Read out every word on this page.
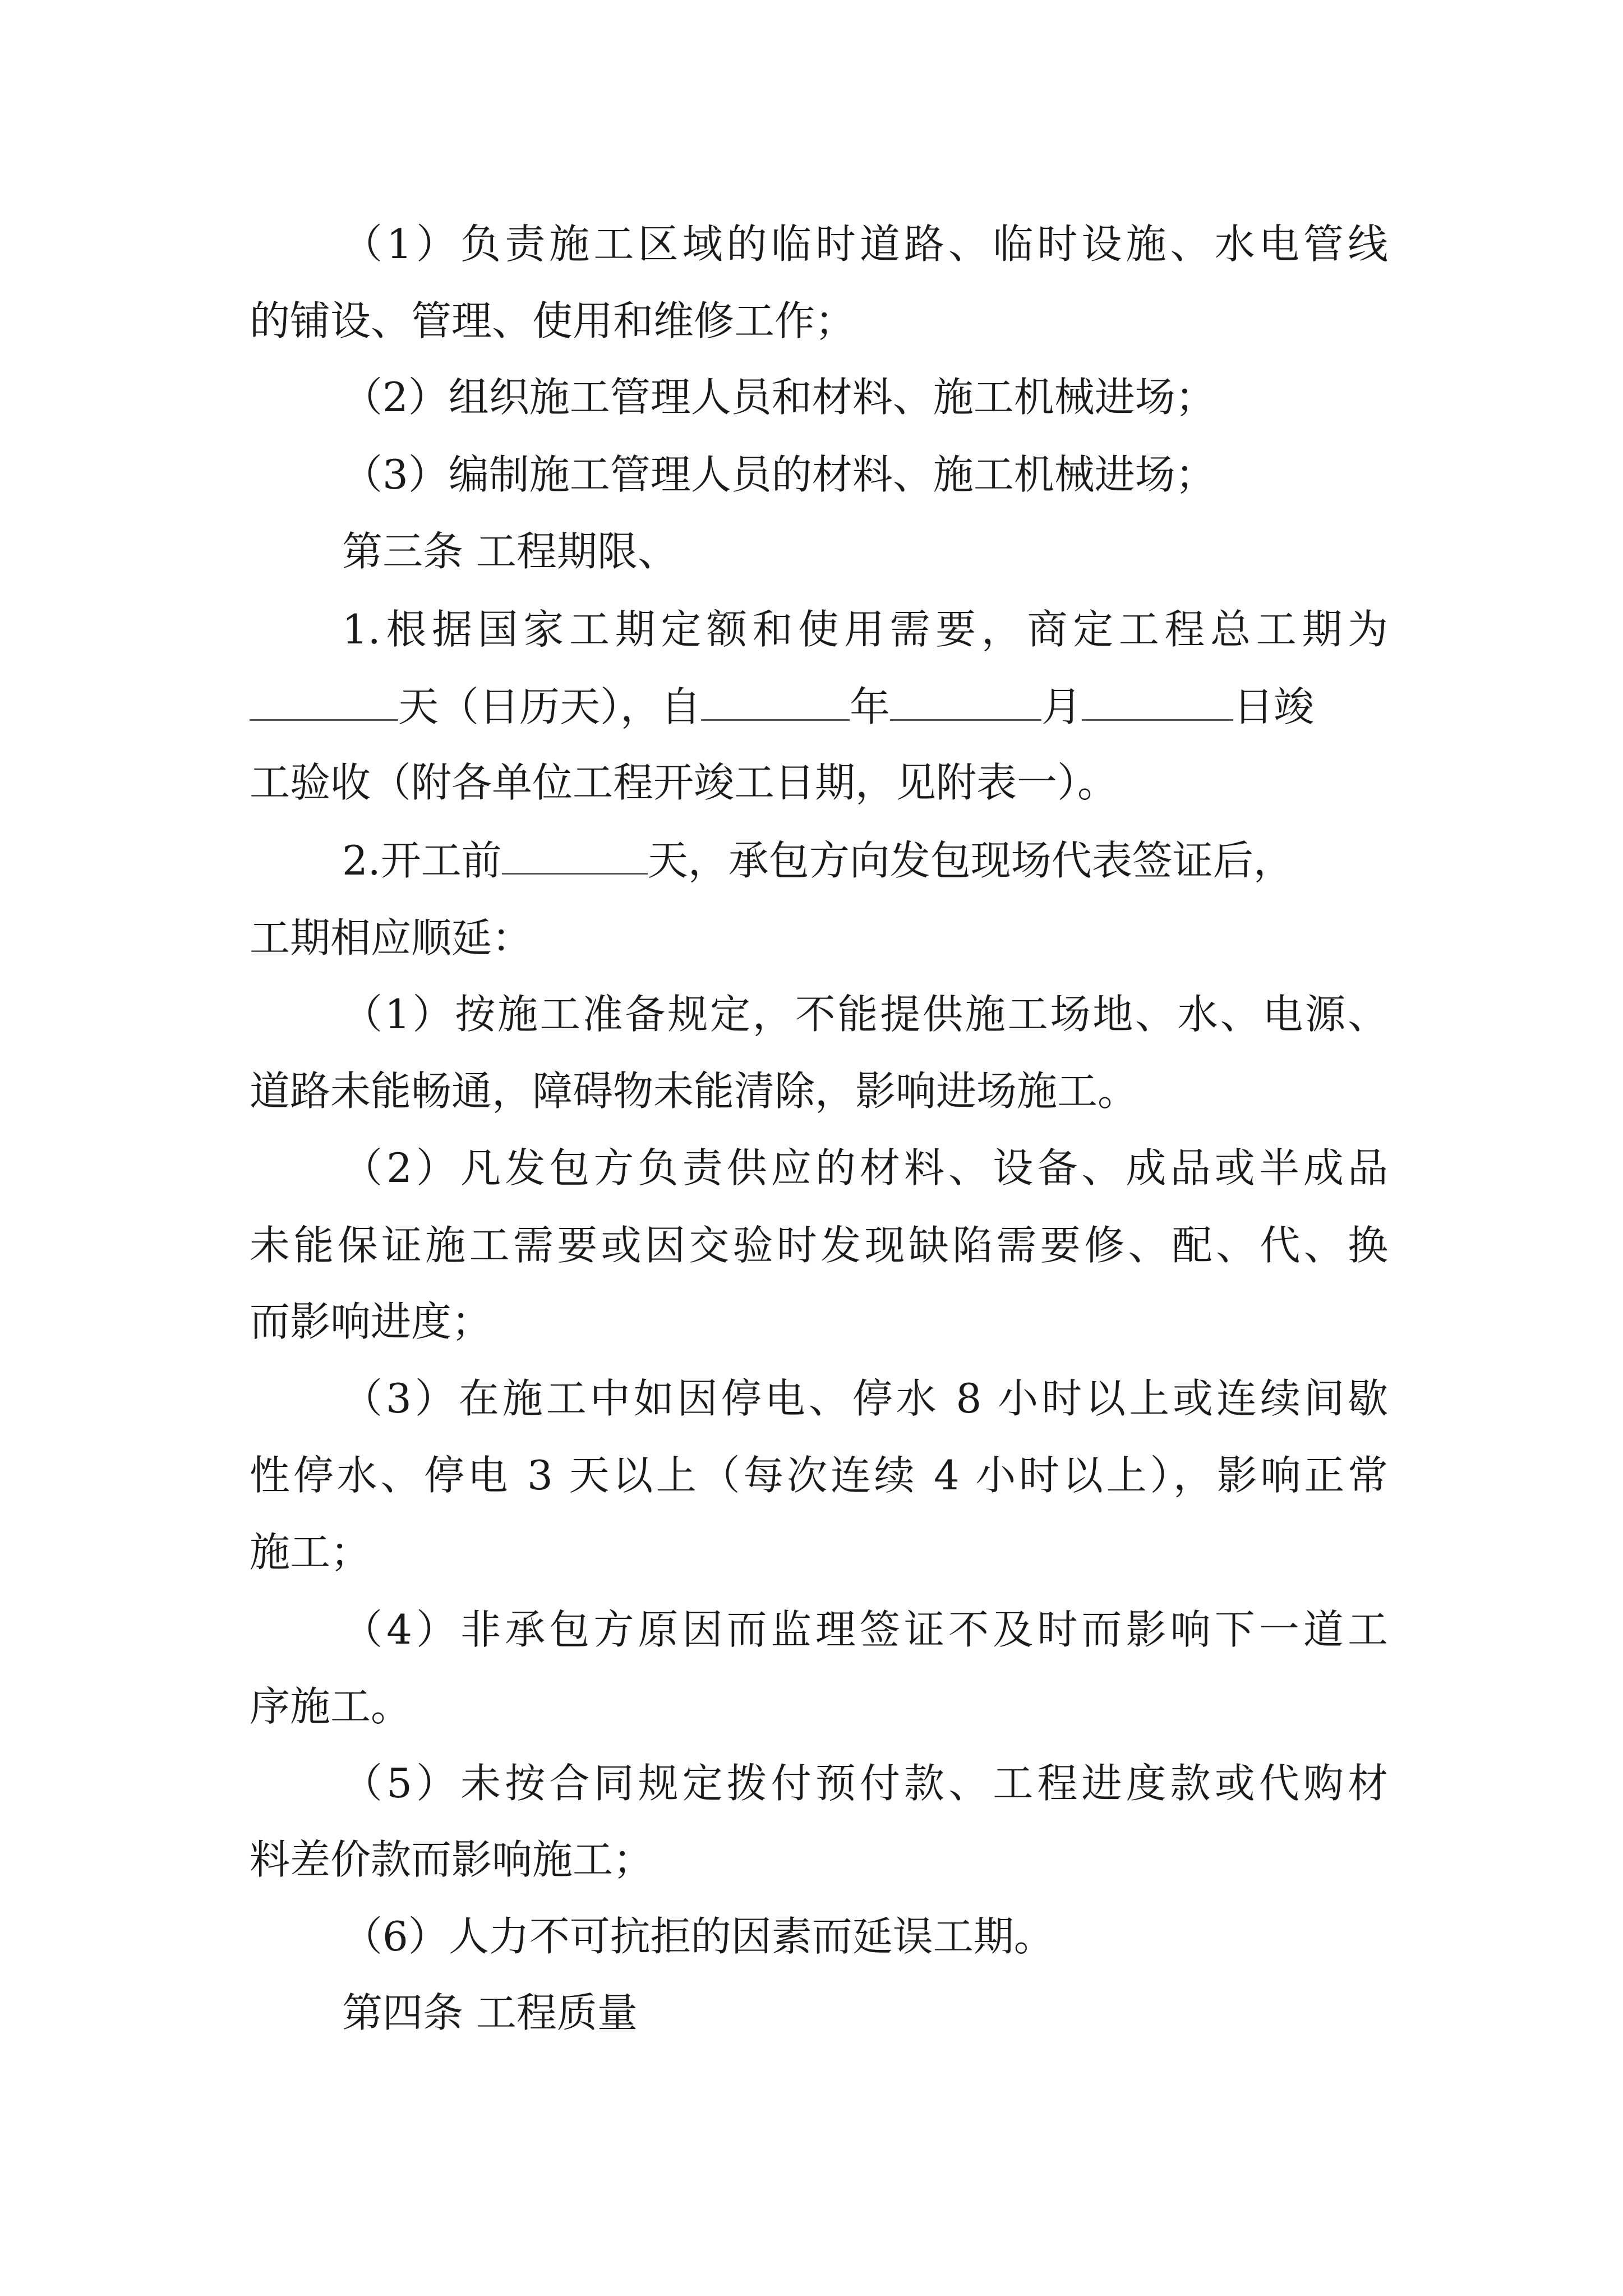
（1）负责施工区域的临时道路、临时设施、水电管线
的铺设、管理、使用和维修工作；
（2）组织施工管理人员和材料、施工机械进场；
（3）编制施工管理人员的材料、施工机械进场；
第三条 工程期限、
1.根据国家工期定额和使用需要，商定工程总工期为
天（日历天），自	年	月	日竣
工验收（附各单位工程开竣工日期，见附表一）。
2.开工前	天，承包方向发包现场代表签证后，
工期相应顺延：
（1）按施工准备规定，不能提供施工场地、水、电源、
道路未能畅通，障碍物未能清除，影响进场施工。
（2）凡发包方负责供应的材料、设备、成品或半成品
未能保证施工需要或因交验时发现缺陷需要修、配、代、换
而影响进度；
（3）在施工中如因停电、停水 8 小时以上或连续间歇
性停水、停电 3 天以上（每次连续 4 小时以上），影响正常
施工；
（4）非承包方原因而监理签证不及时而影响下一道工
序施工。
（5）未按合同规定拨付预付款、工程进度款或代购材
料差价款而影响施工；
（6）人力不可抗拒的因素而延误工期。
第四条 工程质量
